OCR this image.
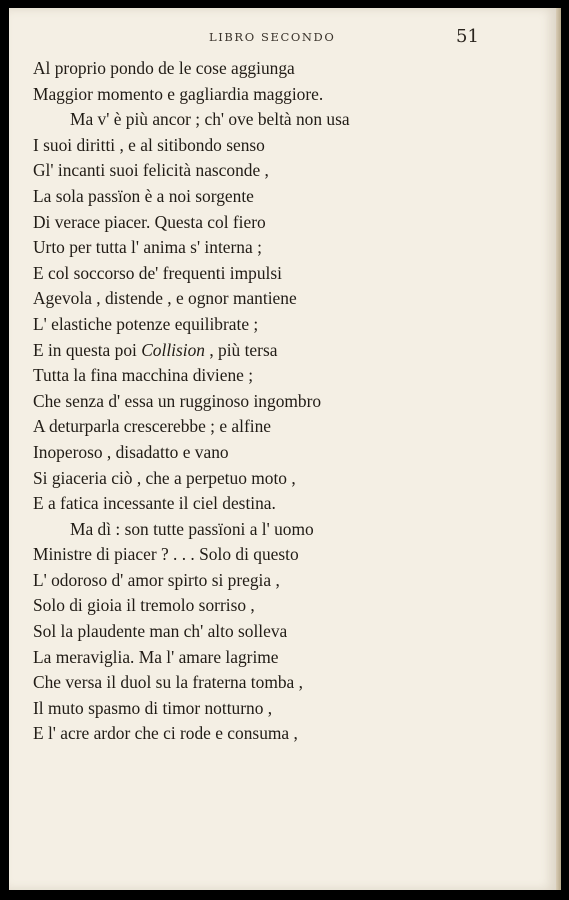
LIBRO SECONDO	51
Al proprio pondo de le cose aggiunga
Maggior momento e gagliardia maggiore.
Ma v' è più ancor ; ch' ove beltà non usa
I suoi diritti , e al sitibondo senso
Gl' incanti suoi felicità nasconde ,
La sola passïon è a noi sorgente
Di verace piacer. Questa col fiero
Urto per tutta l' anima s' interna ;
E col soccorso de' frequenti impulsi
Agevola , distende , e ognor mantiene
L' elastiche potenze equilibrate ;
E in questa poi Collision , più tersa
Tutta la fina macchina diviene ;
Che senza d' essa un rugginoso ingombro
A deturparla crescerebbe ; e alfine
Inoperoso , disadatto e vano
Si giaceria ciò , che a perpetuo moto ,
E a fatica incessante il ciel destina.
Ma dì : son tutte passïoni a l' uomo
Ministre di piacer ? . . . Solo di questo
L' odoroso d' amor spirto si pregia ,
Solo di gioia il tremolo sorriso ,
Sol la plaudente man ch' alto solleva
La meraviglia. Ma l' amare lagrime
Che versa il duol su la fraterna tomba ,
Il muto spasmo di timor notturno ,
E l' acre ardor che ci rode e consuma ,
